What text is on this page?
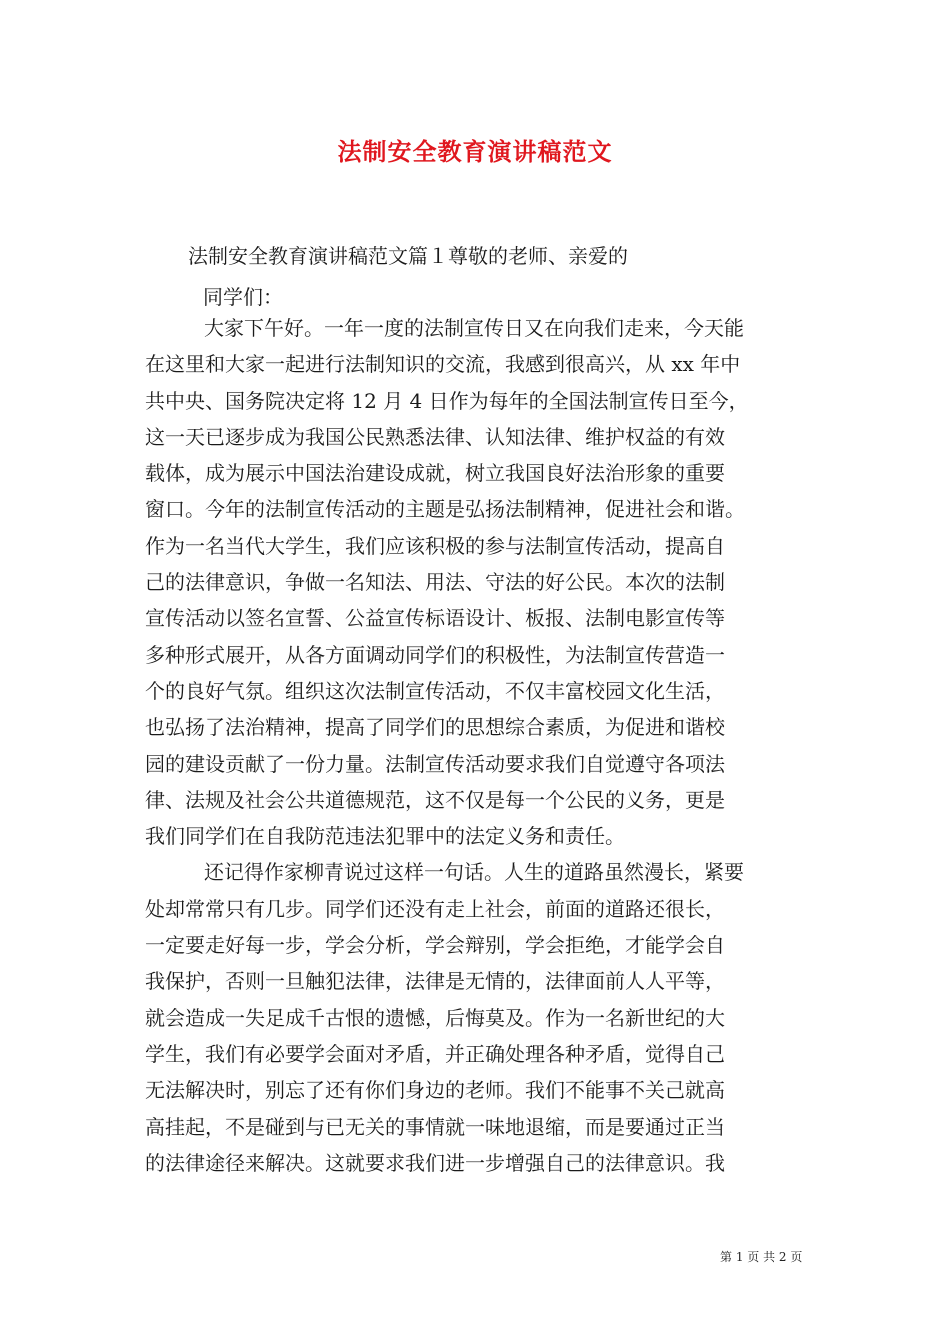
法制安全教育演讲稿范文
法制安全教育演讲稿范文篇１尊敬的老师、亲爱的
同学们：
大家下午好。一年一度的法制宣传日又在向我们走来，今天能
在这里和大家一起进行法制知识的交流，我感到很高兴，从 xx 年中
共中央、国务院决定将 12 月 4 日作为每年的全国法制宣传日至今，
这一天已逐步成为我国公民熟悉法律、认知法律、维护权益的有效
载体，成为展示中国法治建设成就，树立我国良好法治形象的重要
窗口。今年的法制宣传活动的主题是弘扬法制精神，促进社会和谐。
作为一名当代大学生，我们应该积极的参与法制宣传活动，提高自
己的法律意识，争做一名知法、用法、守法的好公民。本次的法制
宣传活动以签名宣誓、公益宣传标语设计、板报、法制电影宣传等
多种形式展开，从各方面调动同学们的积极性，为法制宣传营造一
个的良好气氛。组织这次法制宣传活动，不仅丰富校园文化生活，
也弘扬了法治精神，提高了同学们的思想综合素质，为促进和谐校
园的建设贡献了一份力量。法制宣传活动要求我们自觉遵守各项法
律、法规及社会公共道德规范，这不仅是每一个公民的义务，更是
我们同学们在自我防范违法犯罪中的法定义务和责任。
还记得作家柳青说过这样一句话。人生的道路虽然漫长，紧要
处却常常只有几步。同学们还没有走上社会，前面的道路还很长，
一定要走好每一步，学会分析，学会辩别，学会拒绝，才能学会自
我保护，否则一旦触犯法律，法律是无情的，法律面前人人平等，
就会造成一失足成千古恨的遗憾，后悔莫及。作为一名新世纪的大
学生，我们有必要学会面对矛盾，并正确处理各种矛盾，觉得自己
无法解决时，别忘了还有你们身边的老师。我们不能事不关己就高
高挂起，不是碰到与已无关的事情就一味地退缩，而是要通过正当
的法律途径来解决。这就要求我们进一步增强自己的法律意识。我
第 1 页 共 2 页
